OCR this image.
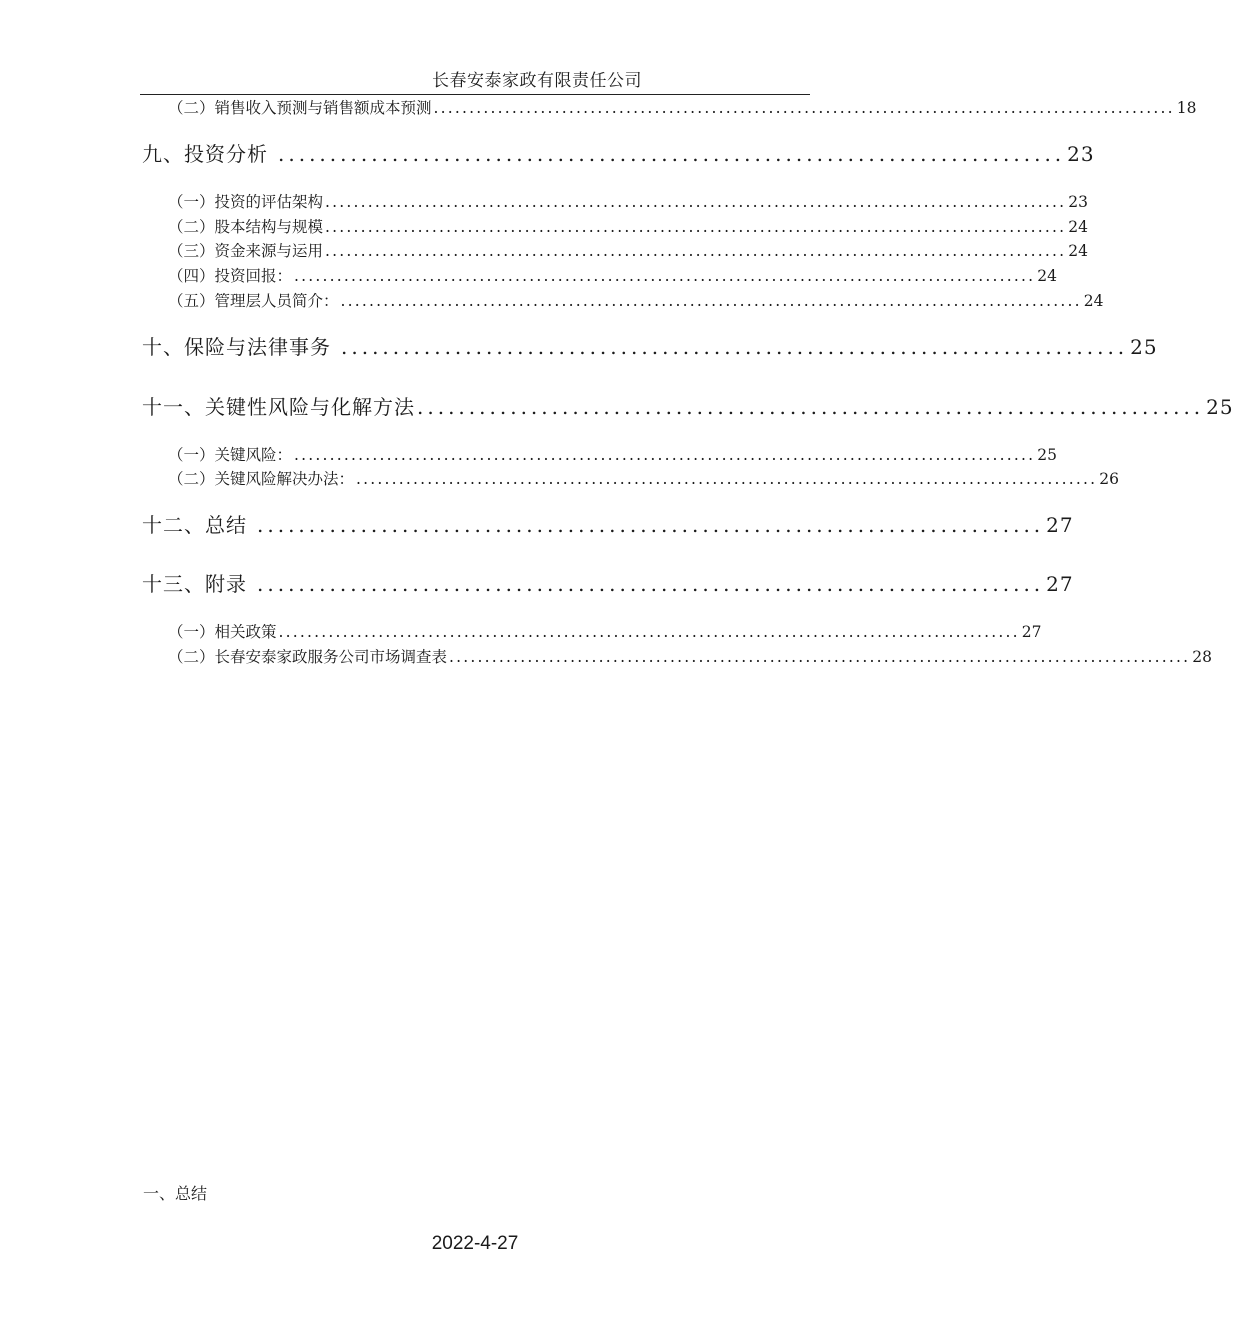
长春安泰家政有限责任公司
（二）销售收入预测与销售额成本预测 ........................................................................................................ 18
九、投资分析 ............................................................................ 23
（一）投资的评估架构 ........................................................................................................ 23
（二）股本结构与规模 ........................................................................................................ 24
（三）资金来源与运用 ........................................................................................................ 24
（四）投资回报： ........................................................................................................ 24
（五）管理层人员简介： ........................................................................................................ 24
十、保险与法律事务 ............................................................................ 25
十一、关键性风险与化解方法 ............................................................................ 25
（一）关键风险： ........................................................................................................ 25
（二）关键风险解决办法： ........................................................................................................ 26
十二、总结 ............................................................................ 27
十三、附录 ............................................................................ 27
（一）相关政策 ........................................................................................................ 27
（二）长春安泰家政服务公司市场调查表 ........................................................................................................ 28
一、总结
2022-4-27
